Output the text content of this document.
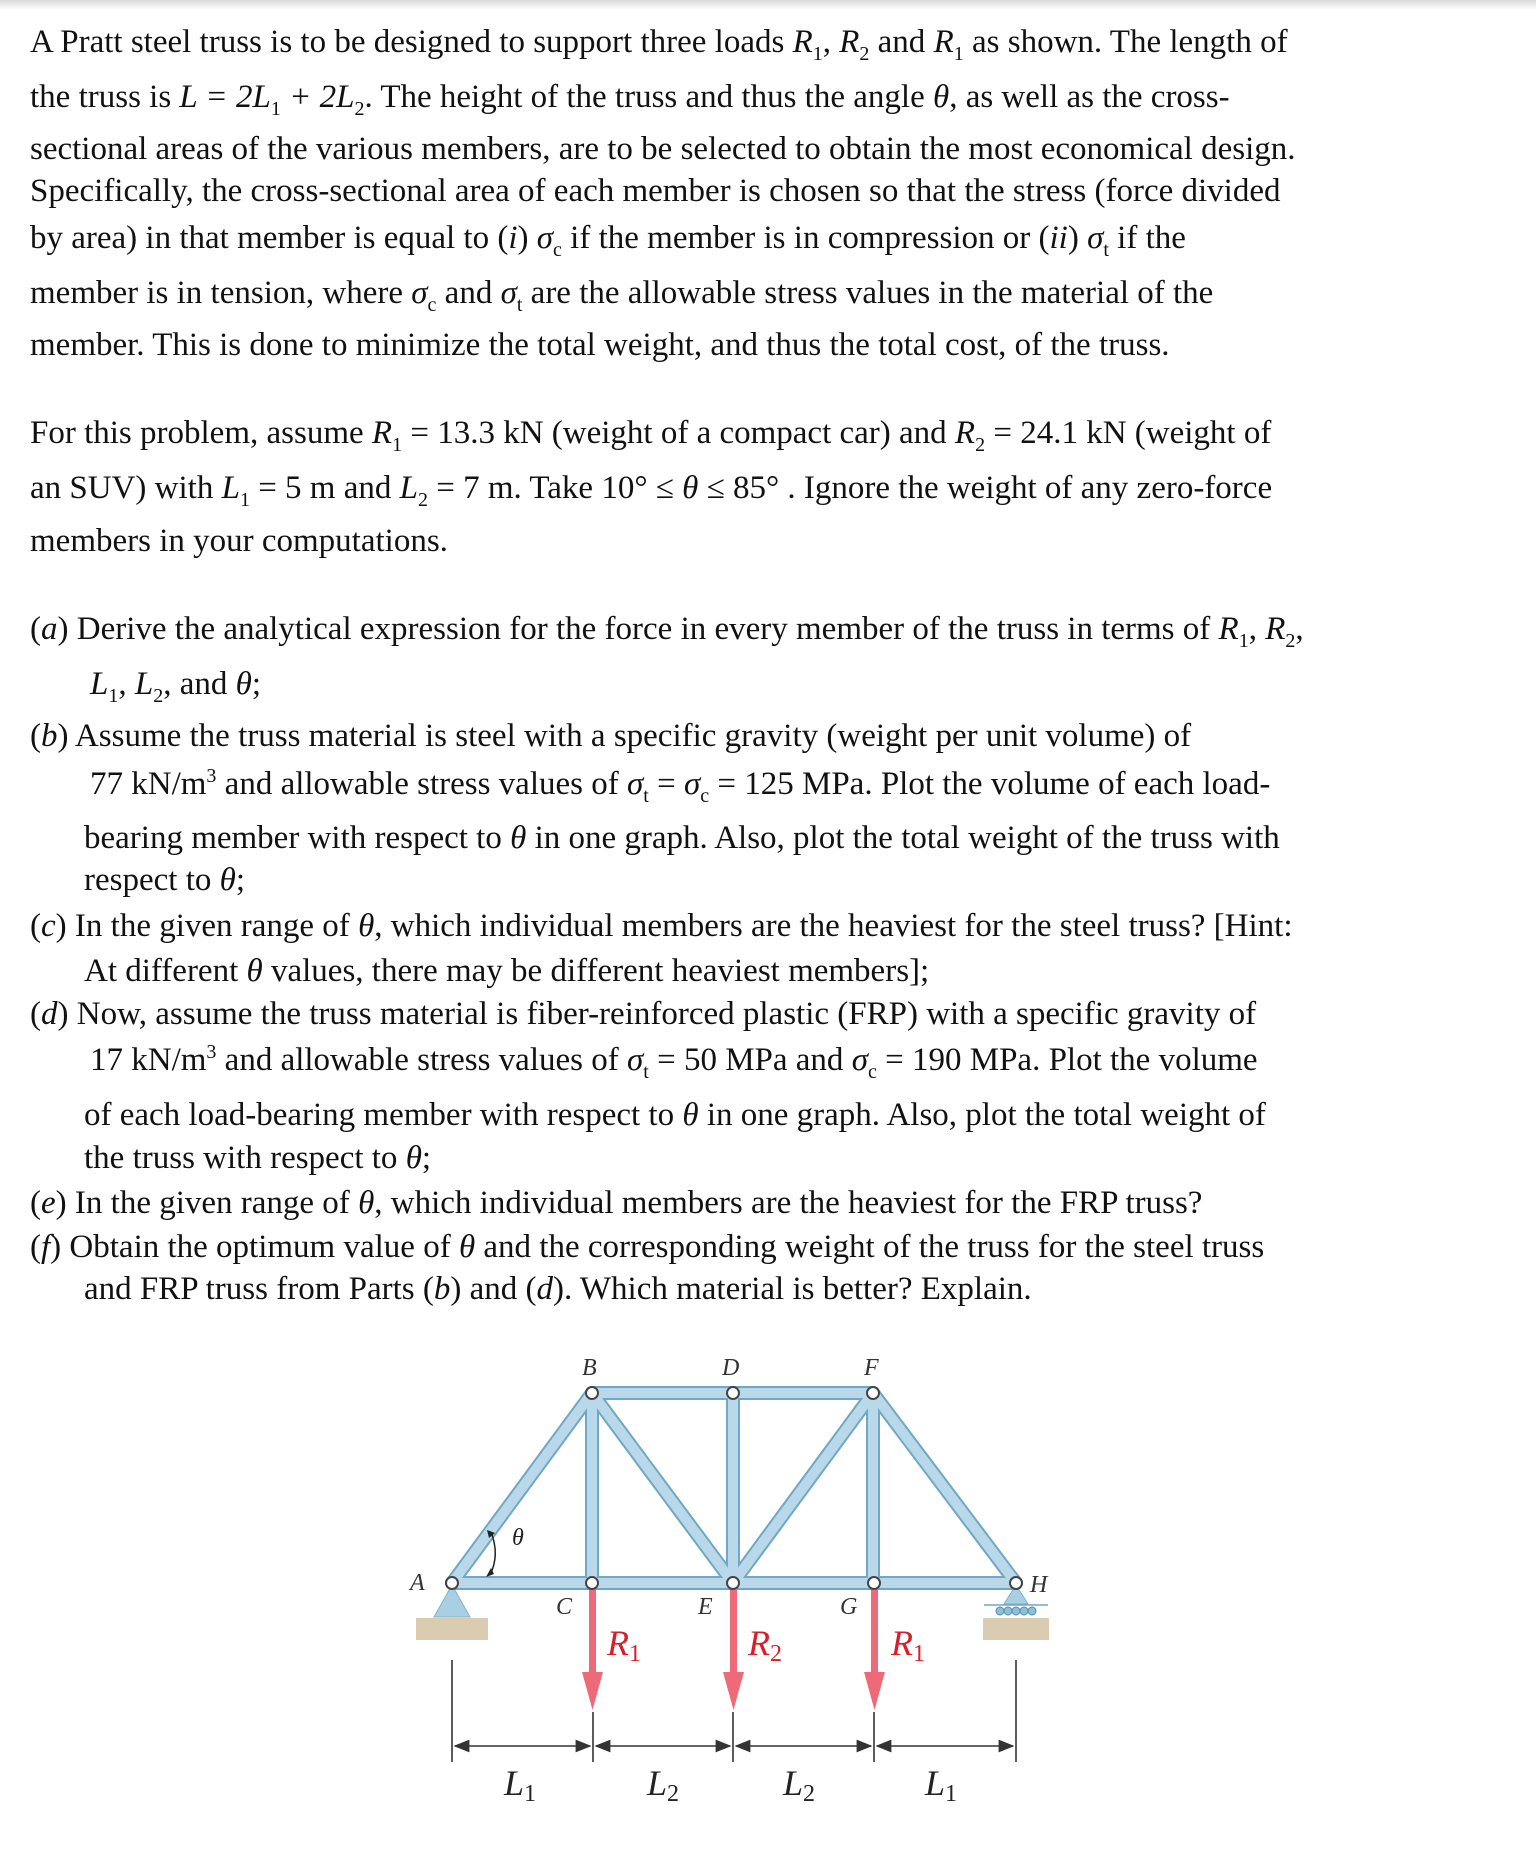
A Pratt steel truss is to be designed to support three loads $R_1$, $R_2$ and $R_1$ as shown. The length of
the truss is $L = 2L_1 + 2L_2$. The height of the truss and thus the angle θ, as well as the cross-
sectional areas of the various members, are to be selected to obtain the most economical design.
Specifically, the cross-sectional area of each member is chosen so that the stress (force divided
by area) in that member is equal to (i) $\sigma_c$ if the member is in compression or (ii) $\sigma_t$ if the
member is in tension, where $\sigma_c$ and $\sigma_t$ are the allowable stress values in the material of the
member. This is done to minimize the total weight, and thus the total cost, of the truss.
For this problem, assume $R_1 = 13.3$ kN (weight of a compact car) and $R_2 = 24.1$ kN (weight of
an SUV) with $L_1 = 5$ m and $L_2 = 7$ m. Take 10° ≤ θ ≤ 85° . Ignore the weight of any zero-force
members in your computations.
(a) Derive the analytical expression for the force in every member of the truss in terms of $R_1$, $R_2$,
$L_1$, $L_2$, and θ;
(b) Assume the truss material is steel with a specific gravity (weight per unit volume) of
77 $kN/m^3$ and allowable stress values of $\sigma_t = \sigma_c = 125$ MPa. Plot the volume of each load-
bearing member with respect to θ in one graph. Also, plot the total weight of the truss with
respect to θ;
(c) In the given range of θ, which individual members are the heaviest for the steel truss? [Hint:
At different θ values, there may be different heaviest members];
(d) Now, assume the truss material is fiber-reinforced plastic (FRP) with a specific gravity of
17 $kN/m^3$ and allowable stress values of $\sigma_t = 50$ MPa and $\sigma_c = 190$ MPa. Plot the volume
of each load-bearing member with respect to θ in one graph. Also, plot the total weight of
the truss with respect to θ;
(e) In the given range of θ, which individual members are the heaviest for the FRP truss?
(f) Obtain the optimum value of θ and the corresponding weight of the truss for the steel truss
and FRP truss from Parts (b) and (d). Which material is better? Explain.
A
B
C
D
E
F
G
H
θ
R1	R2	R1
L1	L2	L2	L1
